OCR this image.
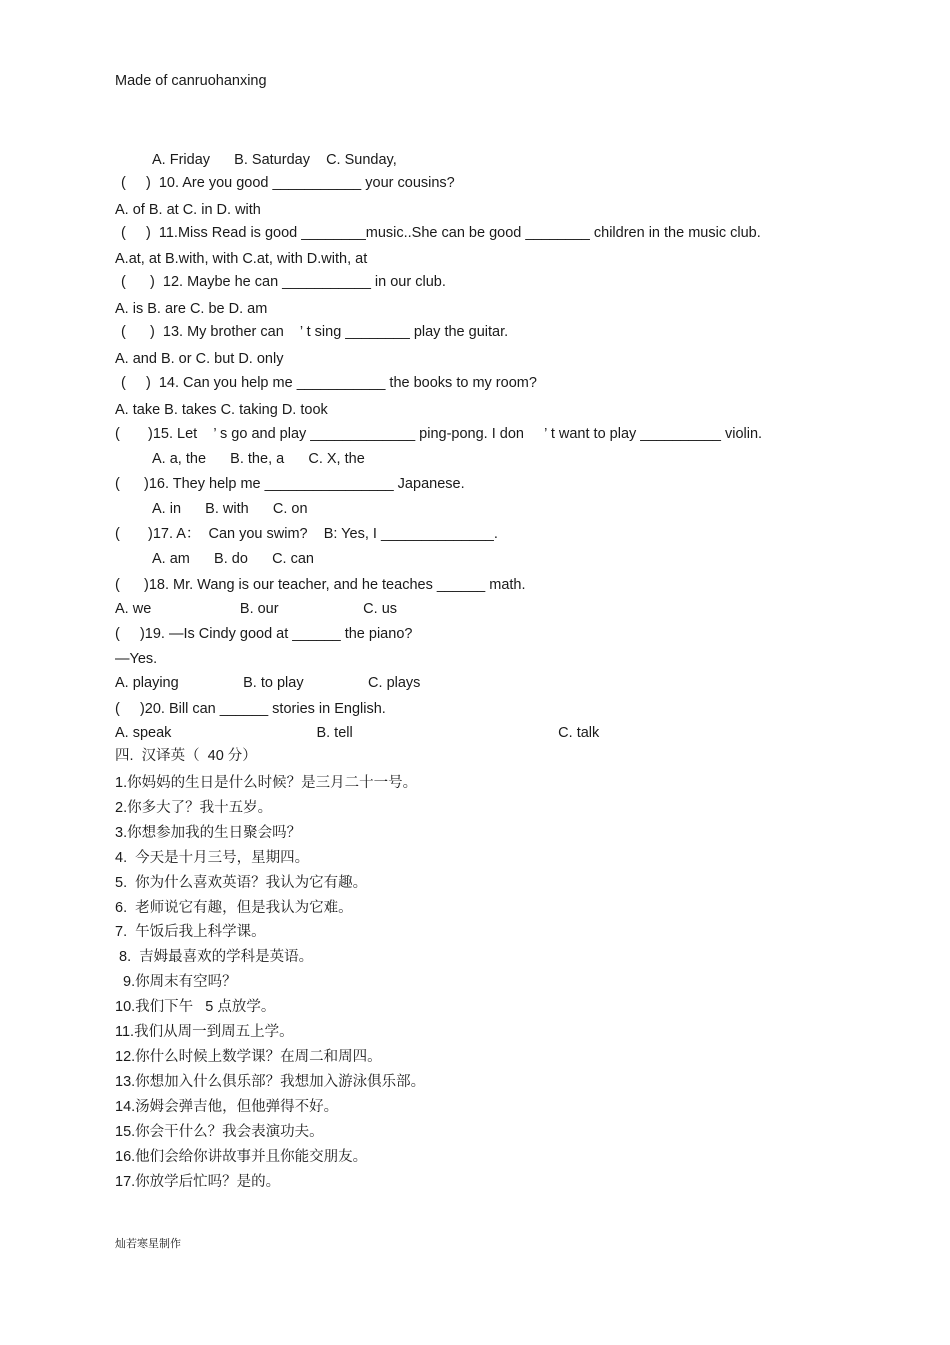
Made of canruohanxing
A. Friday      B. Saturday    C. Sunday,
(     )  10. Are you good ___________ your cousins?
A. of B. at C. in D. with
(     )  11.Miss Read is good ________music..She can be good ________ children in the music club.
A.at, at B.with, with C.at, with D.with, at
(      )  12. Maybe he can ___________ in our club.
A. is B. are C. be D. am
(      )  13. My brother can    ’ t sing ________ play the guitar.
A. and B. or C. but D. only
(     )  14. Can you help me ___________ the books to my room?
A. take B. takes C. taking D. took
(       )15. Let    ’ s go and play _____________ ping-pong. I don     ’ t want to play __________ violin.
A. a, the      B. the, a      C. X, the
(      )16. They help me ________________ Japanese.
A. in      B. with      C. on
(       )17. A：  Can you swim?    B: Yes, I ______________.
A. am      B. do      C. can
(      )18. Mr. Wang is our teacher, and he teaches ______ math.
A. we                      B. our                     C. us
(     )19. —Is Cindy good at ______ the piano?
—Yes.
A. playing                B. to play                C. plays
(     )20. Bill can ______ stories in English.
A. speak                                    B. tell                                                   C. talk
四.  汉译英（  40 分）
1.你妈妈的生日是什么时候？是三月二十一号。
2.你多大了？我十五岁。
3.你想参加我的生日聚会吗？
4.  今天是十月三号，星期四。
5.  你为什么喜欢英语？我认为它有趣。
6.  老师说它有趣，但是我认为它难。
7.  午饭后我上科学课。
8.  吉姆最喜欢的学科是英语。
9.你周末有空吗？
10.我们下午   5 点放学。
11.我们从周一到周五上学。
12.你什么时候上数学课？在周二和周四。
13.你想加入什么俱乐部？我想加入游泳俱乐部。
14.汤姆会弹吉他，但他弹得不好。
15.你会干什么？我会表演功夫。
16.他们会给你讲故事并且你能交朋友。
17.你放学后忙吗？是的。
灿若寒星制作
